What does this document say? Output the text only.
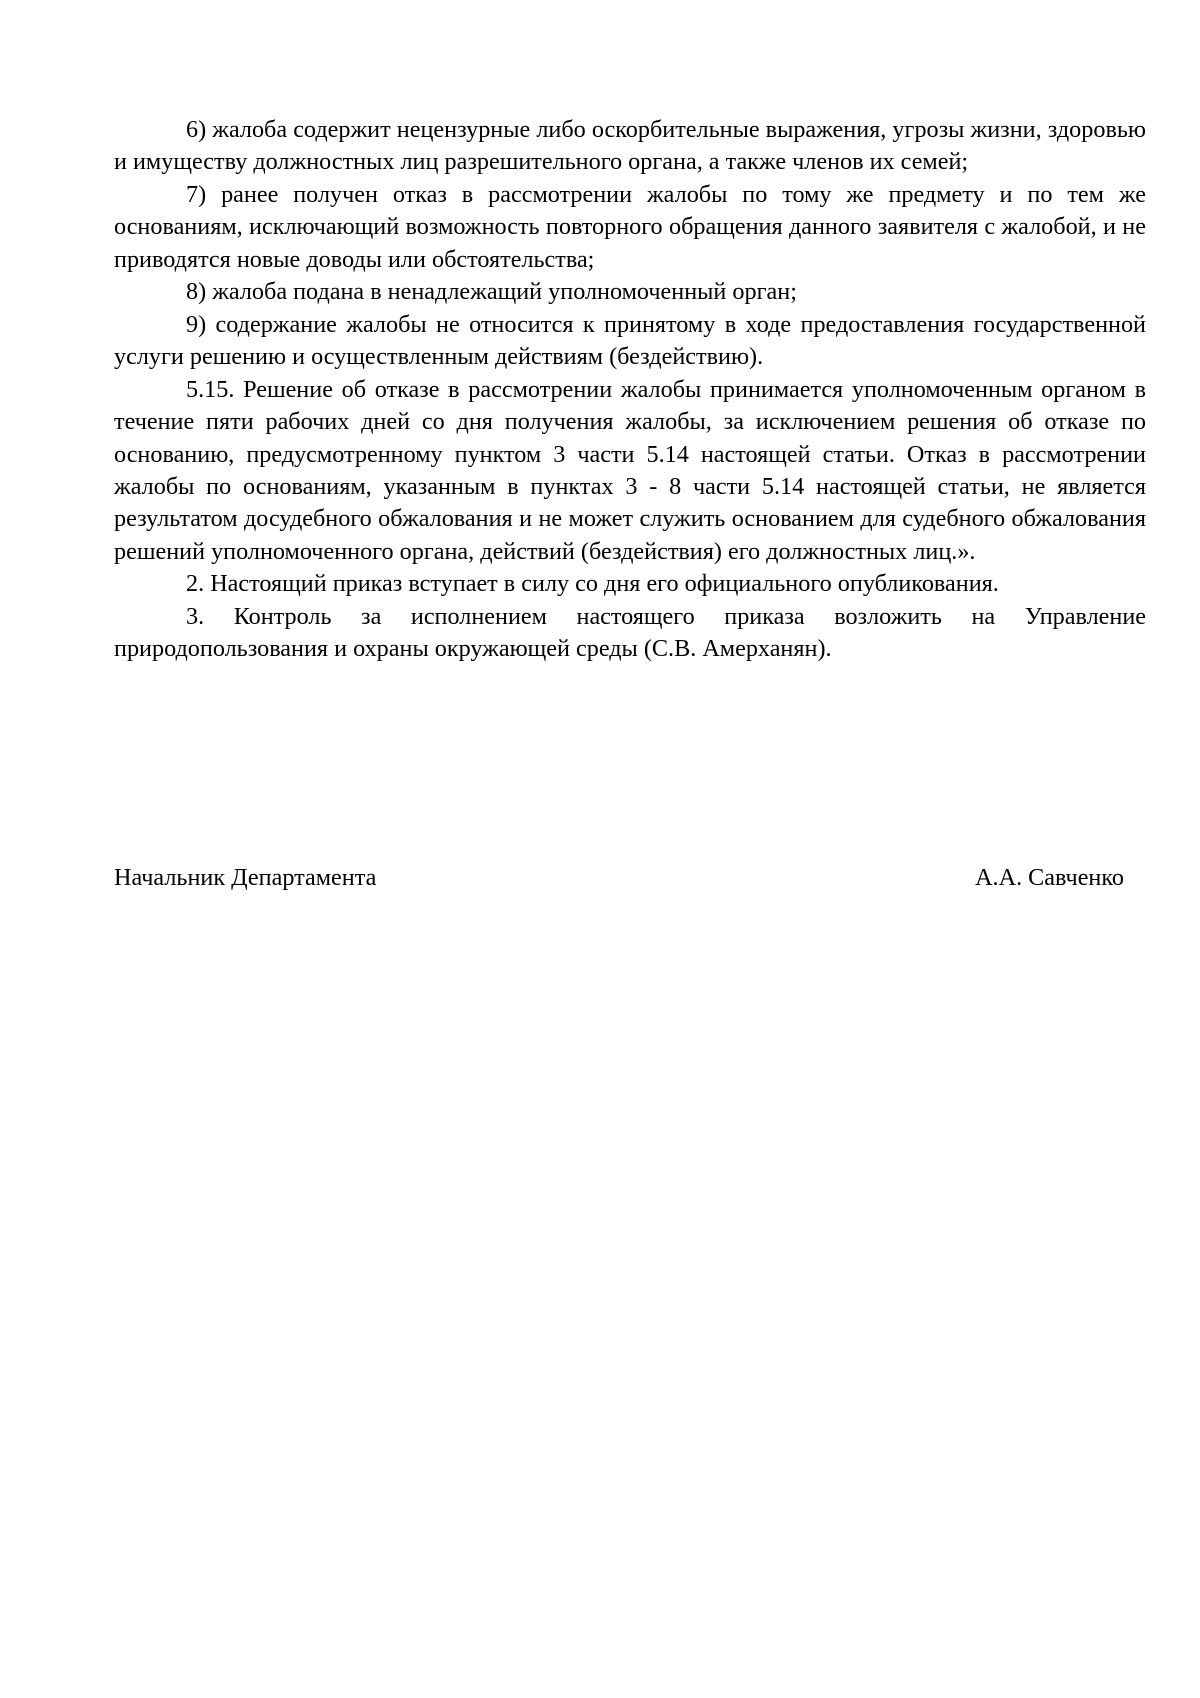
6) жалоба содержит нецензурные либо оскорбительные выражения, угрозы жизни, здоровью и имуществу должностных лиц разрешительного органа, а также членов их семей;

7) ранее получен отказ в рассмотрении жалобы по тому же предмету и по тем же основаниям, исключающий возможность повторного обращения данного заявителя с жалобой, и не приводятся новые доводы или обстоятельства;

8) жалоба подана в ненадлежащий уполномоченный орган;

9) содержание жалобы не относится к принятому в ходе предоставления государственной услуги решению и осуществленным действиям (бездействию).

5.15. Решение об отказе в рассмотрении жалобы принимается уполномоченным органом в течение пяти рабочих дней со дня получения жалобы, за исключением решения об отказе по основанию, предусмотренному пунктом 3 части 5.14 настоящей статьи. Отказ в рассмотрении жалобы по основаниям, указанным в пунктах 3 - 8 части 5.14 настоящей статьи, не является результатом досудебного обжалования и не может служить основанием для судебного обжалования решений уполномоченного органа, действий (бездействия) его должностных лиц.».

2. Настоящий приказ вступает в силу со дня его официального опубликования.

3. Контроль за исполнением настоящего приказа возложить на Управление природопользования и охраны окружающей среды (С.В. Амерханян).

Начальник Департамента	А.А. Савченко
